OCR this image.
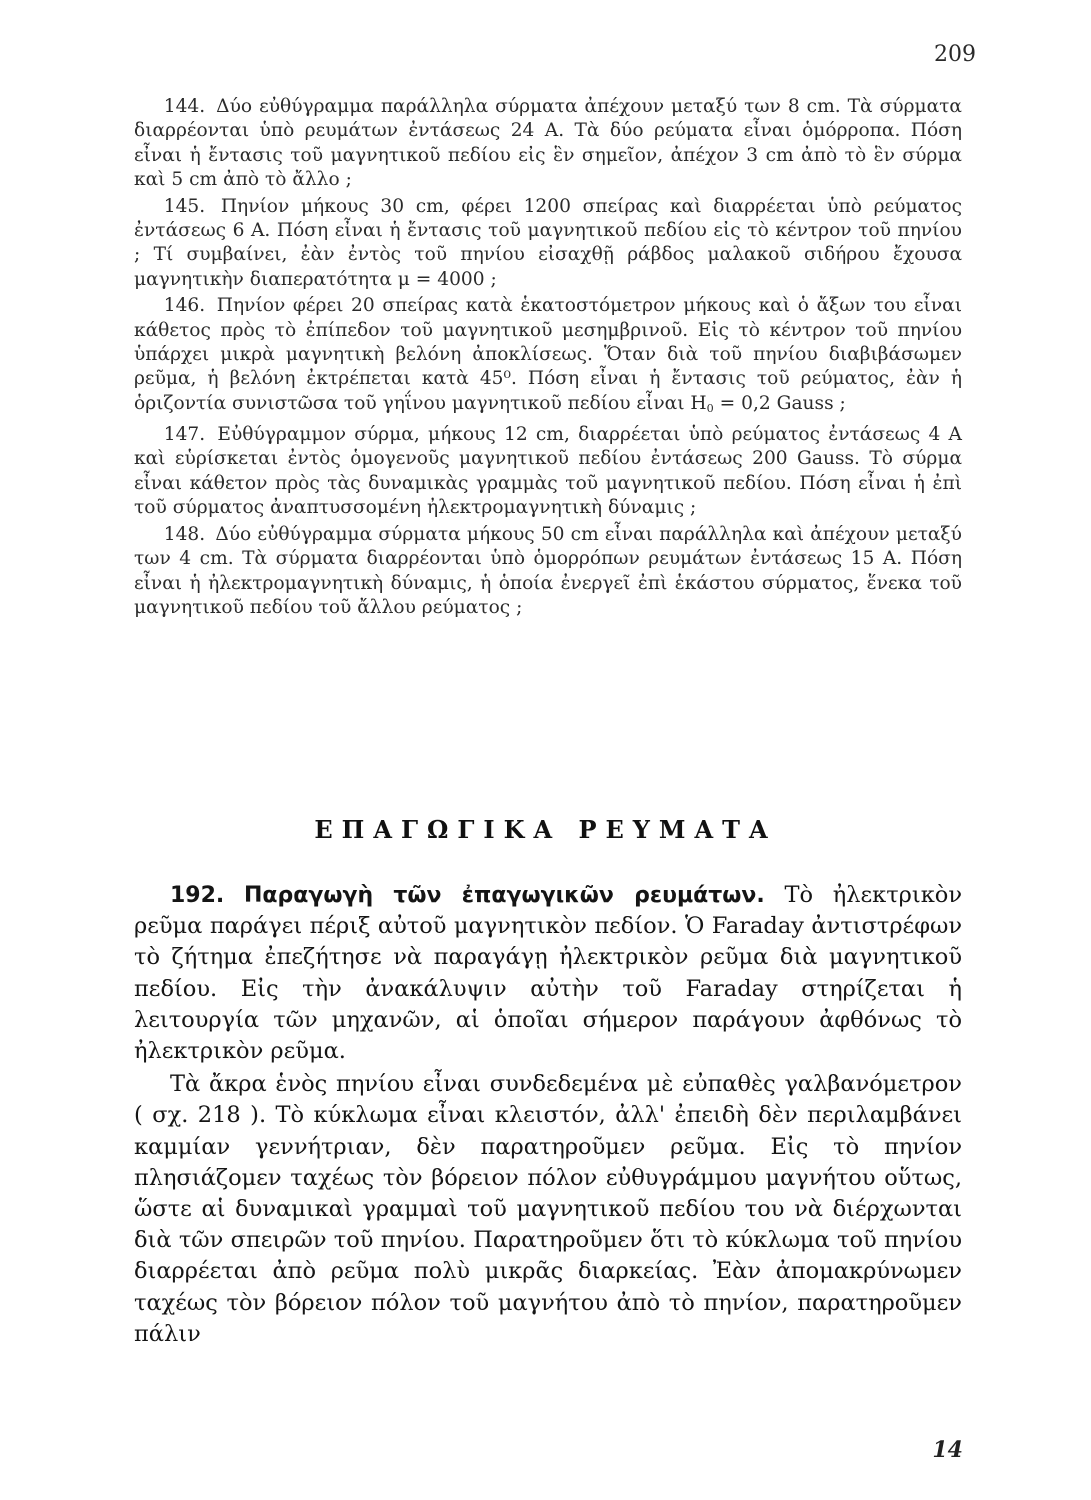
209

144. Δύο εὐθύγραμμα παράλληλα σύρματα ἀπέχουν μεταξύ των 8 cm. Τὰ σύρματα διαρρέονται ὑπὸ ρευμάτων ἐντάσεως 24 Α. Τὰ δύο ρεύματα εἶναι ὁμόρροπα. Πόση εἶναι ἡ ἔντασις τοῦ μαγνητικοῦ πεδίου εἰς ἓν σημεῖον, ἀπέχον 3 cm ἀπὸ τὸ ἓν σύρμα καὶ 5 cm ἀπὸ τὸ ἄλλο ;

145. Πηνίον μήκους 30 cm, φέρει 1200 σπείρας καὶ διαρρέεται ὑπὸ ρεύματος ἐντάσεως 6 Α. Πόση εἶναι ἡ ἔντασις τοῦ μαγνητικοῦ πεδίου εἰς τὸ κέντρον τοῦ πηνίου ; Τί συμβαίνει, ἐὰν ἐντὸς τοῦ πηνίου εἰσαχθῇ ράβδος μαλακοῦ σιδήρου ἔχουσα μαγνητικὴν διαπερατότητα μ = 4000 ;

146. Πηνίον φέρει 20 σπείρας κατὰ ἑκατοστόμετρον μήκους καὶ ὁ ἄξων του εἶναι κάθετος πρὸς τὸ ἐπίπεδον τοῦ μαγνητικοῦ μεσημβρινοῦ. Εἰς τὸ κέντρον τοῦ πηνίου ὑπάρχει μικρὰ μαγνητικὴ βελόνη ἀποκλίσεως. Ὅταν διὰ τοῦ πηνίου διαβιβάσωμεν ρεῦμα, ἡ βελόνη ἐκτρέπεται κατὰ 45⁰. Πόση εἶναι ἡ ἔντασις τοῦ ρεύματος, ἐὰν ἡ ὁριζοντία συνιστῶσα τοῦ γηΐνου μαγνητικοῦ πεδίου εἶναι $H_0 = 0,2$ Gauss ;

147. Εὐθύγραμμον σύρμα, μήκους 12 cm, διαρρέεται ὑπὸ ρεύματος ἐντάσεως 4 Α καὶ εὑρίσκεται ἐντὸς ὁμογενοῦς μαγνητικοῦ πεδίου ἐντάσεως 200 Gauss. Τὸ σύρμα εἶναι κάθετον πρὸς τὰς δυναμικὰς γραμμὰς τοῦ μαγνητικοῦ πεδίου. Πόση εἶναι ἡ ἐπὶ τοῦ σύρματος ἀναπτυσσομένη ἠλεκτρομαγνητικὴ δύναμις ;

148. Δύο εὐθύγραμμα σύρματα μήκους 50 cm εἶναι παράλληλα καὶ ἀπέχουν μεταξύ των 4 cm. Τὰ σύρματα διαρρέονται ὑπὸ ὁμορρόπων ρευμάτων ἐντάσεως 15 Α. Πόση εἶναι ἡ ἠλεκτρομαγνητικὴ δύναμις, ἡ ὁποία ἐνεργεῖ ἐπὶ ἑκάστου σύρματος, ἕνεκα τοῦ μαγνητικοῦ πεδίου τοῦ ἄλλου ρεύματος ;

ΕΠΑΓΩΓΙΚΑ ΡΕΥΜΑΤΑ

192. Παραγωγὴ τῶν ἐπαγωγικῶν ρευμάτων. Τὸ ἠλεκτρικὸν ρεῦμα παράγει πέριξ αὐτοῦ μαγνητικὸν πεδίον. Ὁ Faraday ἀντιστρέφων τὸ ζήτημα ἐπεζήτησε νὰ παραγάγῃ ἠλεκτρικὸν ρεῦμα διὰ μαγνητικοῦ πεδίου. Εἰς τὴν ἀνακάλυψιν αὐτὴν τοῦ Faraday στηρίζεται ἡ λειτουργία τῶν μηχανῶν, αἱ ὁποῖαι σήμερον παράγουν ἀφθόνως τὸ ἠλεκτρικὸν ρεῦμα.

Τὰ ἄκρα ἑνὸς πηνίου εἶναι συνδεδεμένα μὲ εὐπαθὲς γαλβανόμετρον ( σχ. 218 ). Τὸ κύκλωμα εἶναι κλειστόν, ἀλλ' ἐπειδὴ δὲν περιλαμβάνει καμμίαν γεννήτριαν, δὲν παρατηροῦμεν ρεῦμα. Εἰς τὸ πηνίον πλησιάζομεν ταχέως τὸν βόρειον πόλον εὐθυγράμμου μαγνήτου οὕτως, ὥστε αἱ δυναμικαὶ γραμμαὶ τοῦ μαγνητικοῦ πεδίου του νὰ διέρχωνται διὰ τῶν σπειρῶν τοῦ πηνίου. Παρατηροῦμεν ὅτι τὸ κύκλωμα τοῦ πηνίου διαρρέεται ἀπὸ ρεῦμα πολὺ μικρᾶς διαρκείας. Ἐὰν ἀπομακρύνωμεν ταχέως τὸν βόρειον πόλον τοῦ μαγνήτου ἀπὸ τὸ πηνίον, παρατηροῦμεν πάλιν

14
